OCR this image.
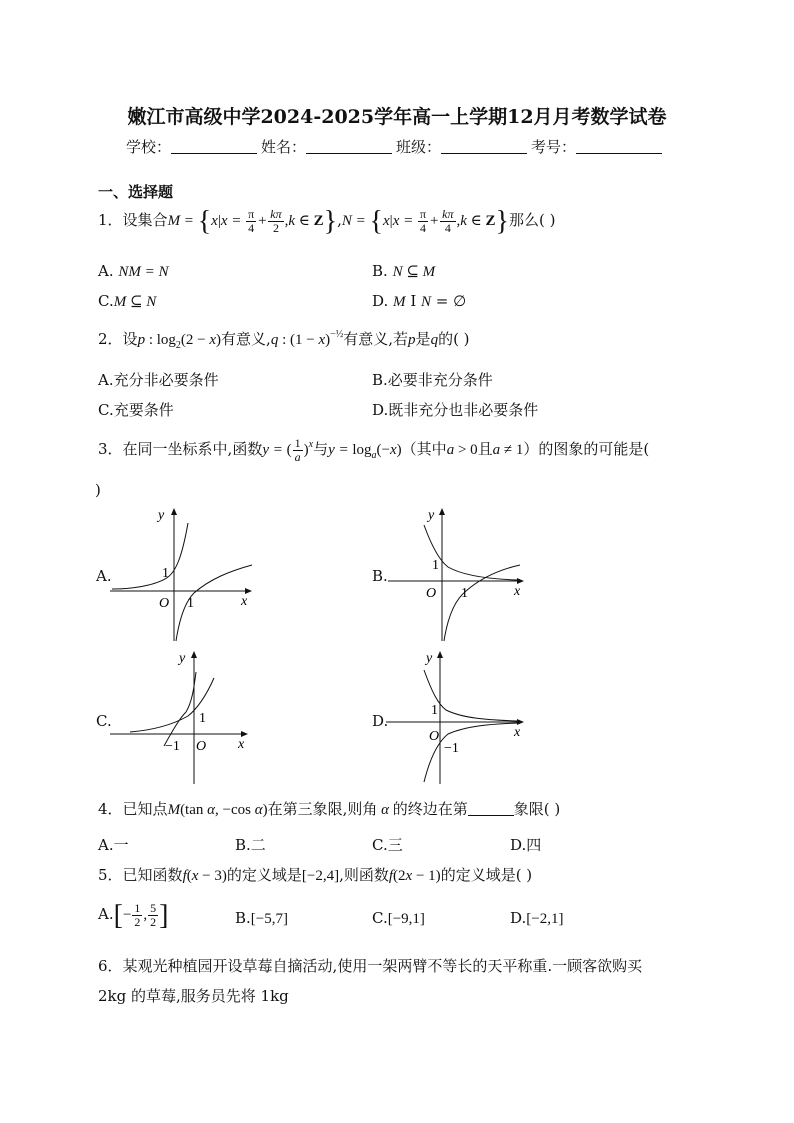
嫩江市高级中学2024-2025学年高一上学期12月月考数学试卷
学校：	姓名：	班级：	考号：
一、选择题
1．设集合$M = \{x|x = \frac{\pi}{4} + \frac{k\pi}{2} ,k$ ∈ $Z\},N = \{x|x = \frac{\pi}{4} + \frac{k\pi}{4} ,k$ ∈ Z}那么( )
A. NM = N	B. N ⊆ M
C.M ⊆ N	D. M I N = ∅
2．设p : $\log_2(2 - x)$有意义,q : $(1 - x)^{-\frac{1}{2}}$有意义,若p是q的( )
A.充分非必要条件	B.必要非充分条件
C.充要条件	D.既非充分也非必要条件
3．在同一坐标系中,函数y = ( $\frac{1}{a} )^x$与$y = \log_a(-x)$（其中a > 0且a ≠ 1）的图象的可能是(
)
A.	B.
C.	D.
y
x
O
1
1
y
x
O
1
1
y
x
O
1
−1
y
x
O
1
−1
4．已知点M(tan α, −cos α)在第三象限,则角 α 的终边在第	象限( )
A.一	B.二	C.三	D.四
5．已知函数f(x − 3)的定义域是[−2,4],则函数f(2x − 1)的定义域是( )
$A.[- \frac{1}{2}$ , $\frac{5}{2}$ ]	B.[−5,7]	C.[−9,1]	D.[−2,1]
6．某观光种植园开设草莓自摘活动,使用一架两臂不等长的天平称重.一顾客欲购买
2kg 的草莓,服务员先将 1kg
